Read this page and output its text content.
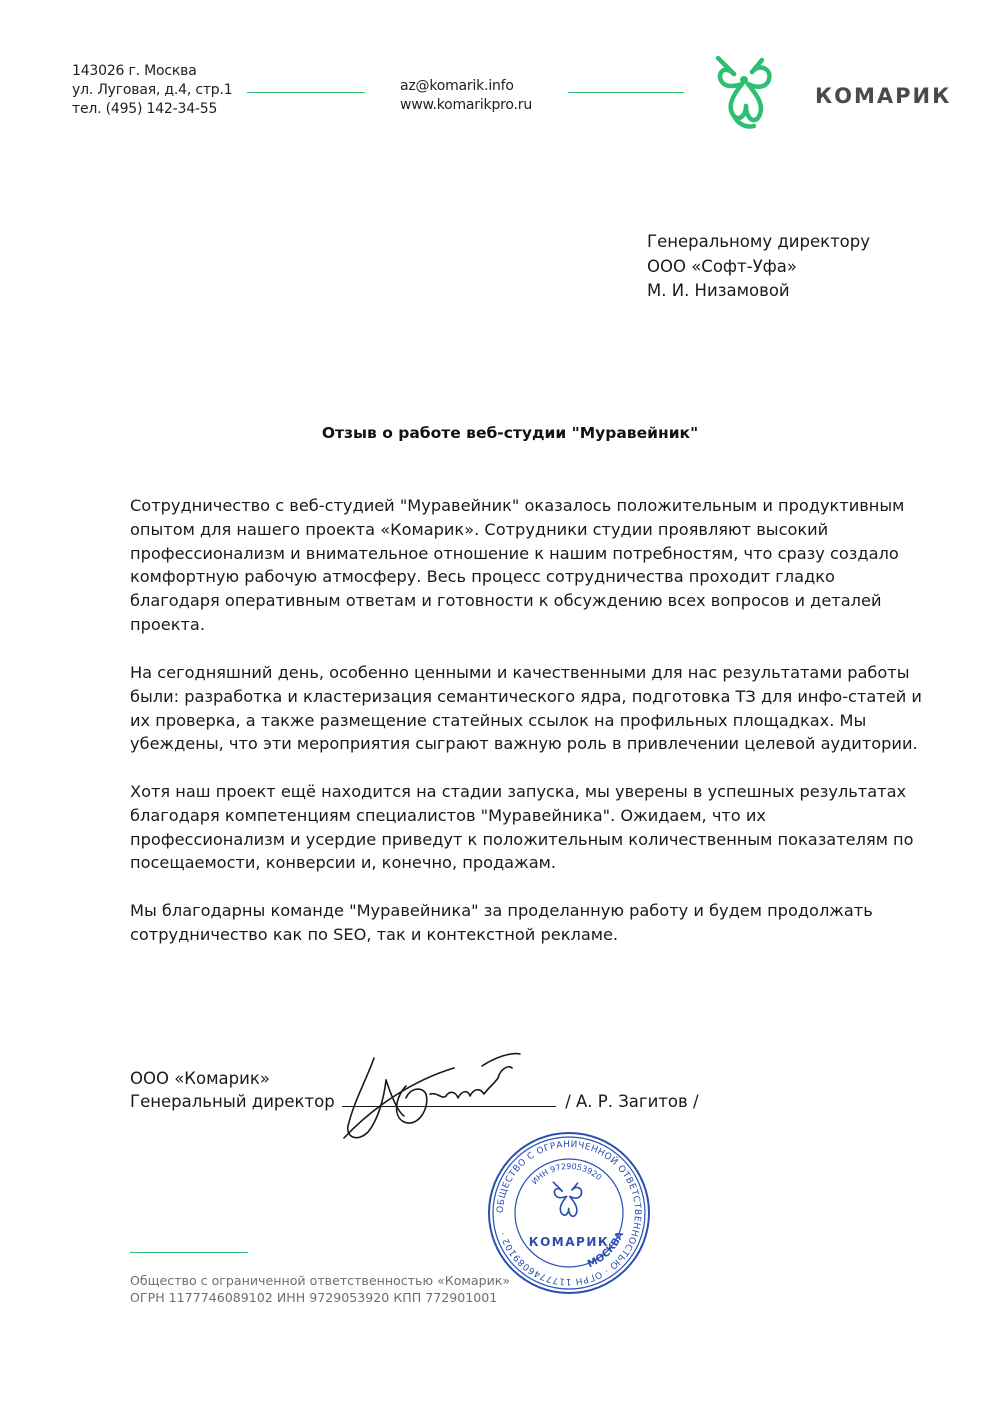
143026 г. Москва
ул. Луговая, д.4, стр.1
тел. (495) 142-34-55
az@komarik.info
www.komarikpro.ru	КОМАРИК
Генеральному директору
ООО «Софт-Уфа»
М. И. Низамовой
Отзыв о работе веб-студии "Муравейник"

Сотрудничество с веб-студией "Муравейник" оказалось положительным и продуктивным
опытом для нашего проекта «Комарик». Сотрудники студии проявляют высокий
профессионализм и внимательное отношение к нашим потребностям, что сразу создало
комфортную рабочую атмосферу. Весь процесс сотрудничества проходит гладко
благодаря оперативным ответам и готовности к обсуждению всех вопросов и деталей
проекта.

На сегодняшний день, особенно ценными и качественными для нас результатами работы
были: разработка и кластеризация семантического ядра, подготовка ТЗ для инфо-статей и
их проверка, а также размещение статейных ссылок на профильных площадках. Мы
убеждены, что эти мероприятия сыграют важную роль в привлечении целевой аудитории.

Хотя наш проект ещё находится на стадии запуска, мы уверены в успешных результатах
благодаря компетенциям специалистов "Муравейника". Ожидаем, что их
профессионализм и усердие приведут к положительным количественным показателям по
посещаемости, конверсии и, конечно, продажам.

Мы благодарны команде "Муравейника" за проделанную работу и будем продолжать
сотрудничество как по SEO, так и контекстной рекламе.

ООО «Комарик»
Генеральный директор	/ А. Р. Загитов /
ОБЩЕСТВО С ОГРАНИЧЕННОЙ ОТВЕТСТВЕННОСТЬЮ · ОГРН 1177746089102 ·
ИНН 9729053920
МОСКВА
КОМАРИК
Общество с ограниченной ответственностью «Комарик»
ОГРН 1177746089102 ИНН 9729053920 КПП 772901001
